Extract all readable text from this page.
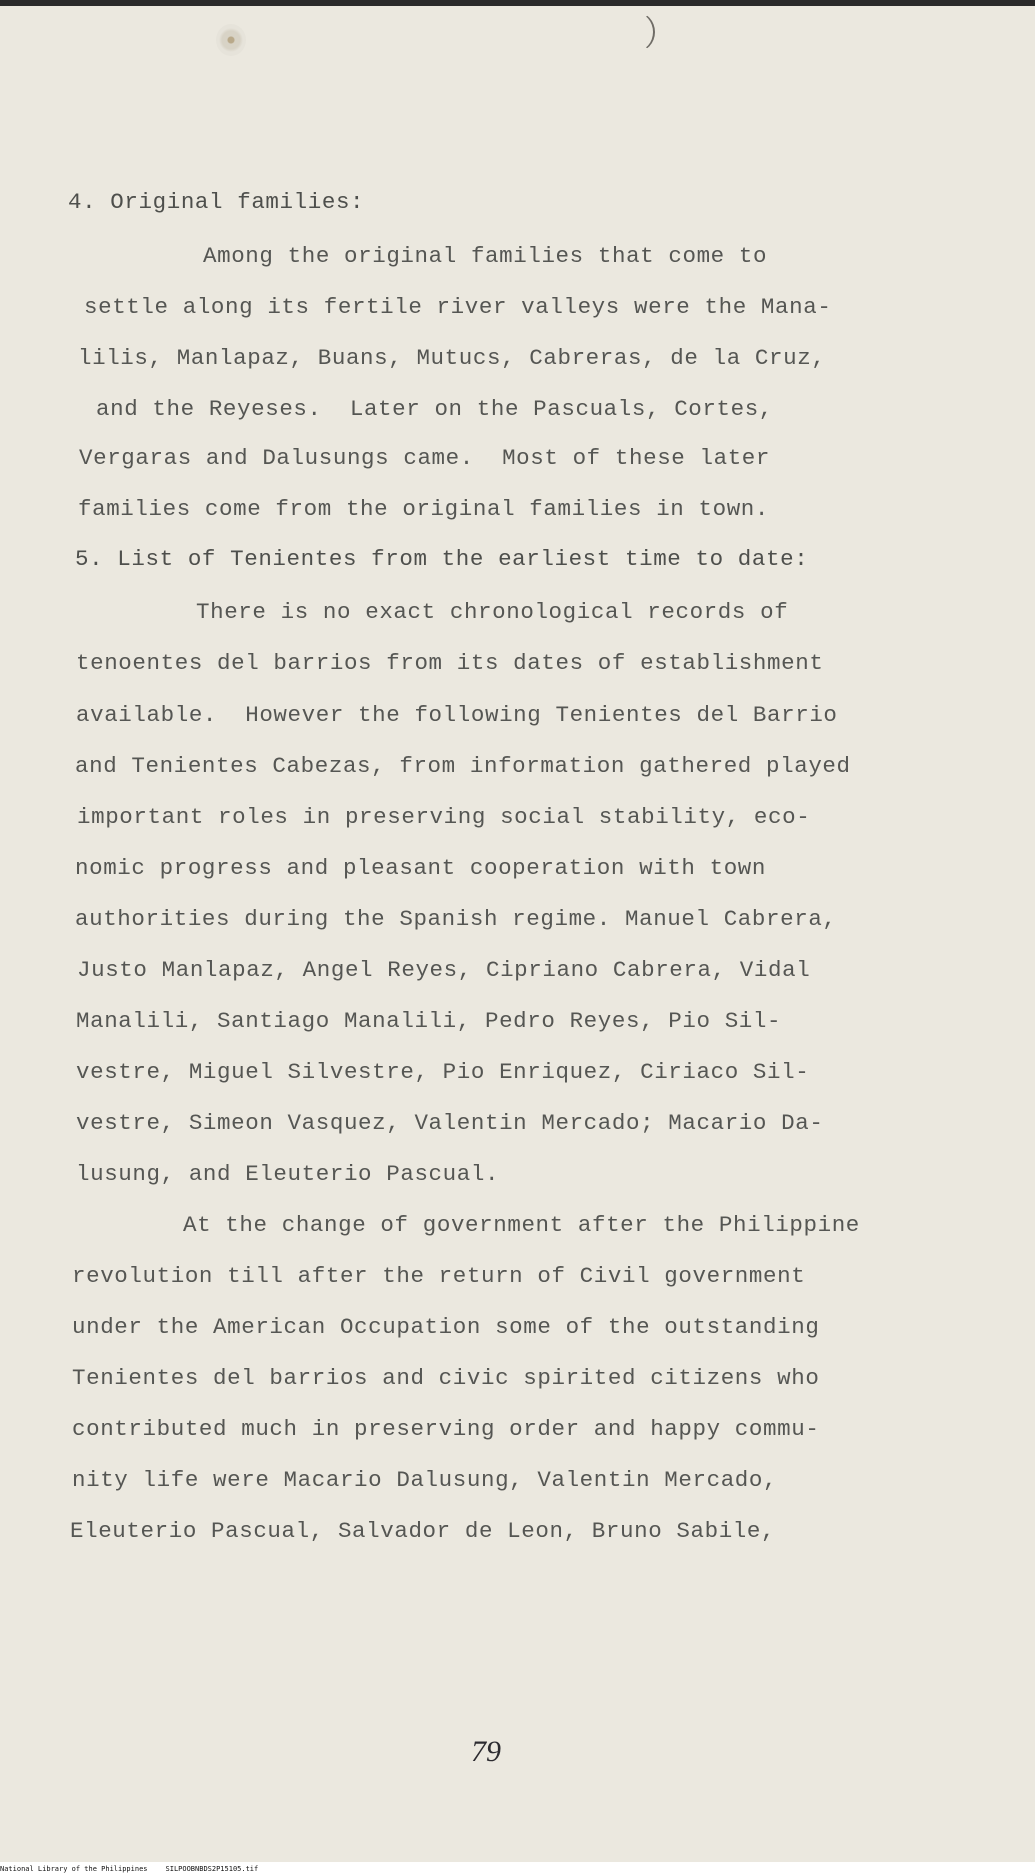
4. Original families:

Among the original families that come to

settle along its fertile river valleys were the Mana-

lilis, Manlapaz, Buans, Mutucs, Cabreras, de la Cruz,

and the Reyeses.  Later on the Pascuals, Cortes,

Vergaras and Dalusungs came.  Most of these later

families come from the original families in town.

5. List of Tenientes from the earliest time to date:

There is no exact chronological records of

tenoentes del barrios from its dates of establishment

available.  However the following Tenientes del Barrio

and Tenientes Cabezas, from information gathered played

important roles in preserving social stability, eco-

nomic progress and pleasant cooperation with town

authorities during the Spanish regime. Manuel Cabrera,

Justo Manlapaz, Angel Reyes, Cipriano Cabrera, Vidal

Manalili, Santiago Manalili, Pedro Reyes, Pio Sil-

vestre, Miguel Silvestre, Pio Enriquez, Ciriaco Sil-

vestre, Simeon Vasquez, Valentin Mercado; Macario Da-

lusung, and Eleuterio Pascual.

At the change of government after the Philippine

revolution till after the return of Civil government

under the American Occupation some of the outstanding

Tenientes del barrios and civic spirited citizens who

contributed much in preserving order and happy commu-

nity life were Macario Dalusung, Valentin Mercado,

Eleuterio Pascual, Salvador de Leon, Bruno Sabile,

79
National Library of the Philippines	SILPOOBNBDS2P15105.tif
